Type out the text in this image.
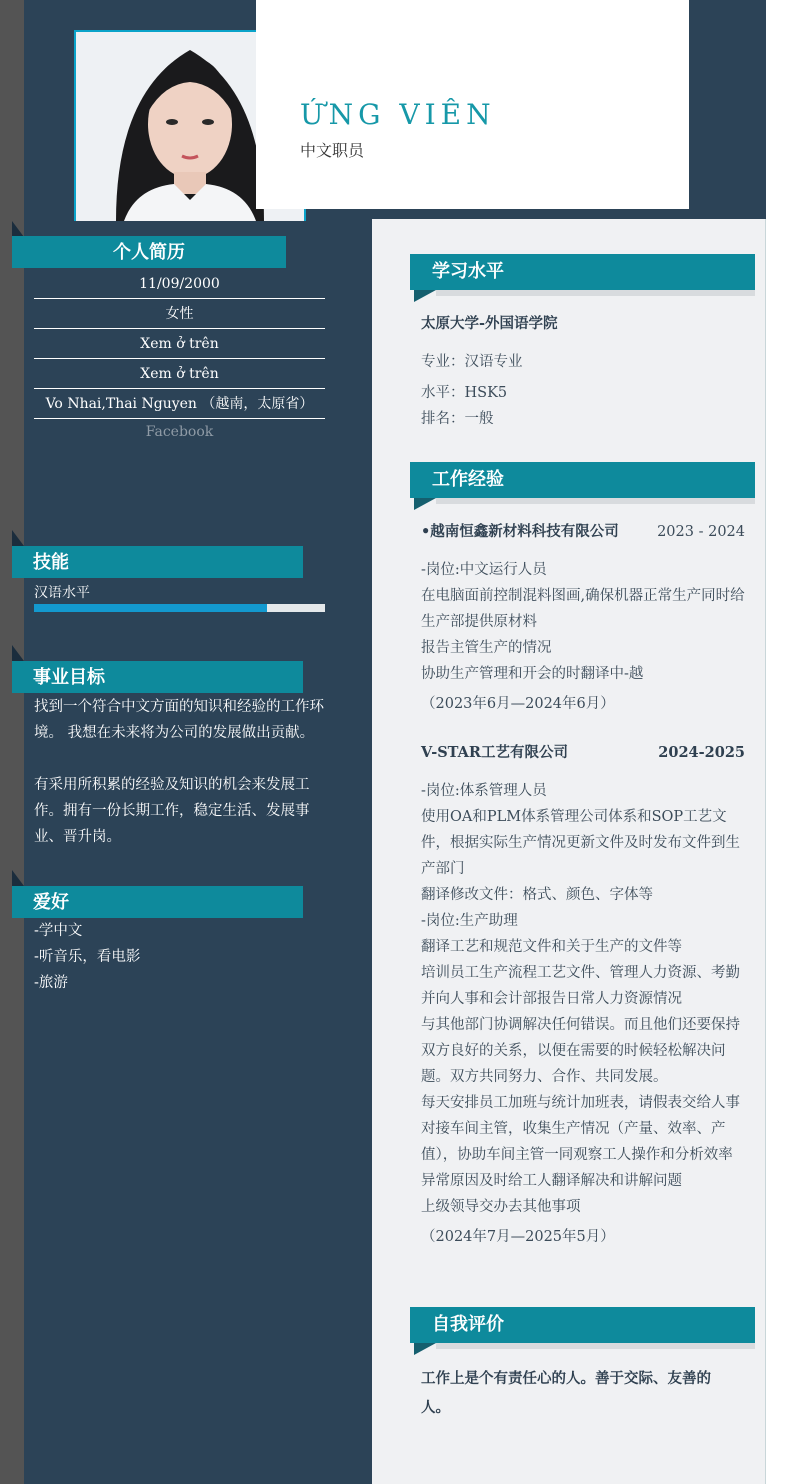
ỨNG VIÊN
中文职员
个人简历
11/09/2000
女性
Xem ở trên
Xem ở trên
Vo Nhai,Thai Nguyen （越南，太原省）
Facebook
技能
汉语水平
事业目标
找到一个符合中文方面的知识和经验的工作环境。 我想在未来将为公司的发展做出贡献。
有采用所积累的经验及知识的机会来发展工作。拥有一份长期工作，稳定生活、发展事业、晋升岗。
爱好
-学中文
-听音乐，看电影
-旅游
学习水平
太原大学-外国语学院
专业：汉语专业
水平：HSK5
排名：一般
工作经验
•越南恒鑫新材料科技有限公司	2023 - 2024
-岗位:中文运行人员
在电脑面前控制混料图画,确保机器正常生产同时给生产部提供原材料
报告主管生产的情况
协助生产管理和开会的时翻译中-越
（2023年6月—2024年6月）
V-STAR工艺有限公司	2024-2025
-岗位:体系管理人员
使用OA和PLM体系管理公司体系和SOP工艺文件，根据实际生产情况更新文件及时发布文件到生产部门
翻译修改文件：格式、颜色、字体等
-岗位:生产助理
翻译工艺和规范文件和关于生产的文件等
培训员工生产流程工艺文件、管理人力资源、考勤并向人事和会计部报告日常人力资源情况
与其他部门协调解决任何错误。而且他们还要保持双方良好的关系，以便在需要的时候轻松解决问题。双方共同努力、合作、共同发展。
每天安排员工加班与统计加班表，请假表交给人事
对接车间主管，收集生产情况（产量、效率、产值），协助车间主管一同观察工人操作和分析效率异常原因及时给工人翻译解决和讲解问题
上级领导交办去其他事项
（2024年7月—2025年5月）
自我评价
工作上是个有责任心的人。善于交际、友善的人。
